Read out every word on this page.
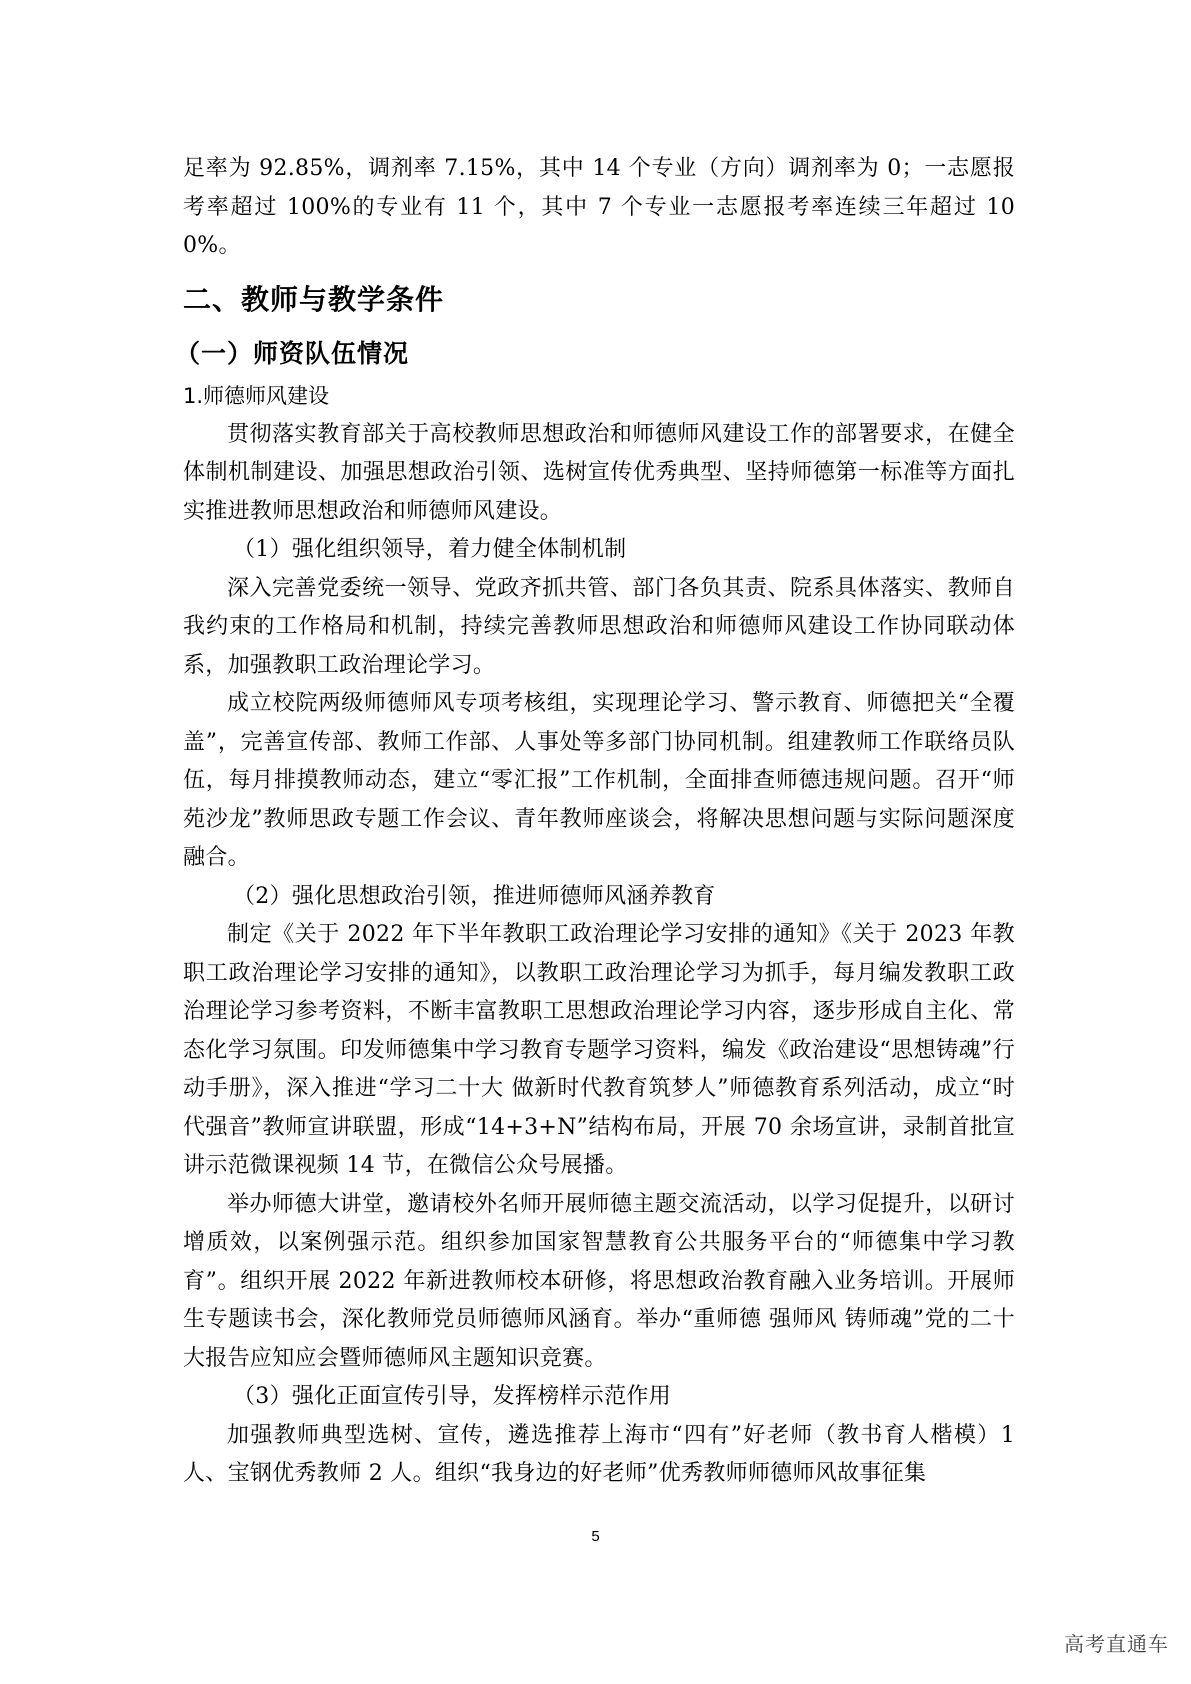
足率为 92.85%，调剂率 7.15%，其中 14 个专业（方向）调剂率为 0；一志愿报考率超过 100%的专业有 11 个，其中 7 个专业一志愿报考率连续三年超过 100%。

二、教师与教学条件
（一）师资队伍情况
1.师德师风建设

贯彻落实教育部关于高校教师思想政治和师德师风建设工作的部署要求，在健全体制机制建设、加强思想政治引领、选树宣传优秀典型、坚持师德第一标准等方面扎实推进教师思想政治和师德师风建设。

（1）强化组织领导，着力健全体制机制

深入完善党委统一领导、党政齐抓共管、部门各负其责、院系具体落实、教师自我约束的工作格局和机制，持续完善教师思想政治和师德师风建设工作协同联动体系，加强教职工政治理论学习。

成立校院两级师德师风专项考核组，实现理论学习、警示教育、师德把关“全覆盖”，完善宣传部、教师工作部、人事处等多部门协同机制。组建教师工作联络员队伍，每月排摸教师动态，建立“零汇报”工作机制，全面排查师德违规问题。召开“师苑沙龙”教师思政专题工作会议、青年教师座谈会，将解决思想问题与实际问题深度融合。

（2）强化思想政治引领，推进师德师风涵养教育

制定《关于 2022 年下半年教职工政治理论学习安排的通知》《关于 2023 年教职工政治理论学习安排的通知》，以教职工政治理论学习为抓手，每月编发教职工政治理论学习参考资料，不断丰富教职工思想政治理论学习内容，逐步形成自主化、常态化学习氛围。印发师德集中学习教育专题学习资料，编发《政治建设“思想铸魂”行动手册》，深入推进“学习二十大 做新时代教育筑梦人”师德教育系列活动，成立“时代强音”教师宣讲联盟，形成“14+3+N”结构布局，开展 70 余场宣讲，录制首批宣讲示范微课视频 14 节，在微信公众号展播。

举办师德大讲堂，邀请校外名师开展师德主题交流活动，以学习促提升，以研讨增质效，以案例强示范。组织参加国家智慧教育公共服务平台的“师德集中学习教育”。组织开展 2022 年新进教师校本研修，将思想政治教育融入业务培训。开展师生专题读书会，深化教师党员师德师风涵育。举办“重师德 强师风 铸师魂”党的二十大报告应知应会暨师德师风主题知识竞赛。

（3）强化正面宣传引导，发挥榜样示范作用

加强教师典型选树、宣传，遴选推荐上海市“四有”好老师（教书育人楷模）1 人、宝钢优秀教师 2 人。组织“我身边的好老师”优秀教师师德师风故事征集

5
高考直通车
